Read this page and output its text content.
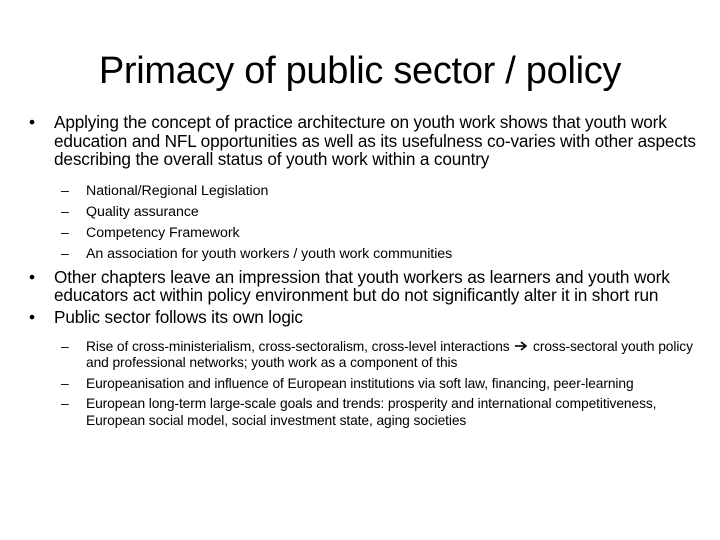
Primacy of public sector / policy
• Applying the concept of practice architecture on youth work shows that youth work education and NFL opportunities as well as its usefulness co-varies with other aspects describing the overall status of youth work within a country
– National/Regional Legislation
– Quality assurance
– Competency Framework
– An association for youth workers / youth work communities
• Other chapters leave an impression that youth workers as learners and youth work educators act within policy environment but do not significantly alter it in short run
• Public sector follows its own logic
– Rise of cross-ministerialism, cross-sectoralism, cross-level interactions cross-sectoral youth policy and professional networks; youth work as a component of this
– Europeanisation and influence of European institutions via soft law, financing, peer-learning
– European long-term large-scale goals and trends: prosperity and international competitiveness, European social model, social investment state, aging societies
